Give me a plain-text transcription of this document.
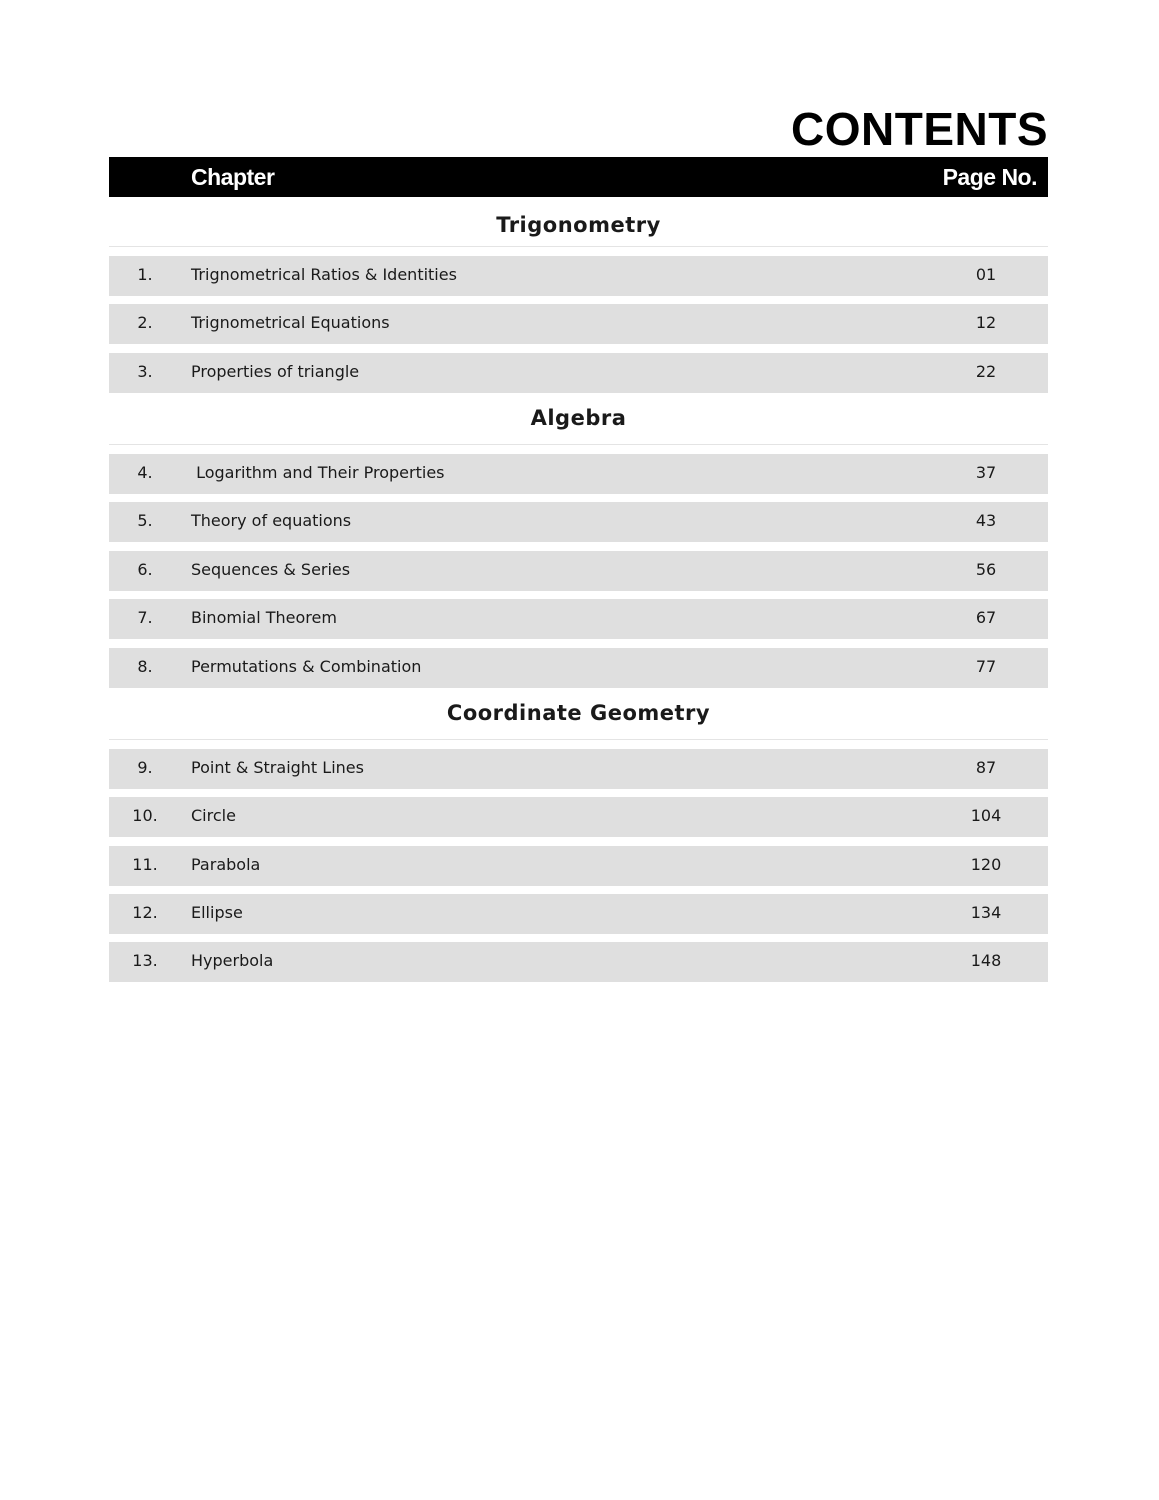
CONTENTS
Chapter	Page No.
Trigonometry
1.	Trignometrical Ratios & Identities	01
2.	Trignometrical Equations	12
3.	Properties of triangle	22
Algebra
4.	Logarithm and Their Properties	37
5.	Theory of equations	43
6.	Sequences & Series	56
7.	Binomial Theorem	67
8.	Permutations & Combination	77
Coordinate Geometry
9.	Point & Straight Lines	87
10.	Circle	104
11.	Parabola	120
12.	Ellipse	134
13.	Hyperbola	148
